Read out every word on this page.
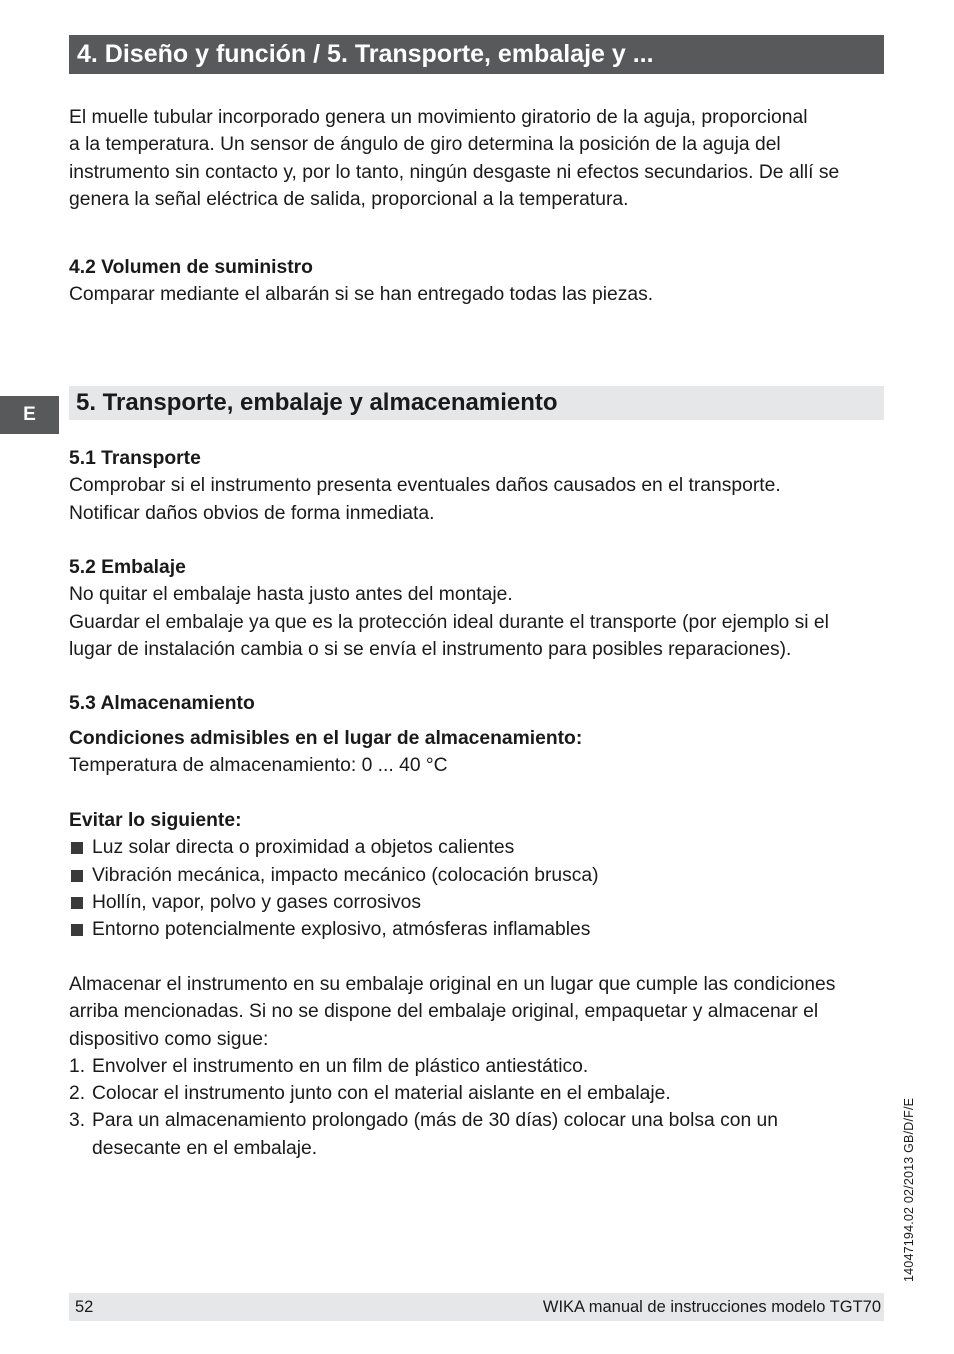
4. Diseño y función / 5. Transporte, embalaje y ...

El muelle tubular incorporado genera un movimiento giratorio de la aguja, proporcional

a la temperatura. Un sensor de ángulo de giro determina la posición de la aguja del

instrumento sin contacto y, por lo tanto, ningún desgaste ni efectos secundarios. De allí se

genera la señal eléctrica de salida, proporcional a la temperatura.

4.2 Volumen de suministro

Comparar mediante el albarán si se han entregado todas las piezas.

E	5. Transporte, embalaje y almacenamiento

5.1 Transporte

Comprobar si el instrumento presenta eventuales daños causados en el transporte.

Notificar daños obvios de forma inmediata.

5.2 Embalaje

No quitar el embalaje hasta justo antes del montaje.

Guardar el embalaje ya que es la protección ideal durante el transporte (por ejemplo si el

lugar de instalación cambia o si se envía el instrumento para posibles reparaciones).

5.3 Almacenamiento

Condiciones admisibles en el lugar de almacenamiento:

Temperatura de almacenamiento: 0 ... 40 °C

Evitar lo siguiente:

Luz solar directa o proximidad a objetos calientes
Vibración mecánica, impacto mecánico (colocación brusca)
Hollín, vapor, polvo y gases corrosivos
Entorno potencialmente explosivo, atmósferas inflamables

Almacenar el instrumento en su embalaje original en un lugar que cumple las condiciones

arriba mencionadas. Si no se dispone del embalaje original, empaquetar y almacenar el

dispositivo como sigue:

1. Envolver el instrumento en un film de plástico antiestático.
2. Colocar el instrumento junto con el material aislante en el embalaje.
3. Para un almacenamiento prolongado (más de 30 días) colocar una bolsa con un desecante en el embalaje.	14047194.02 02/2013 GB/D/F/E
52	WIKA manual de instrucciones modelo TGT70
